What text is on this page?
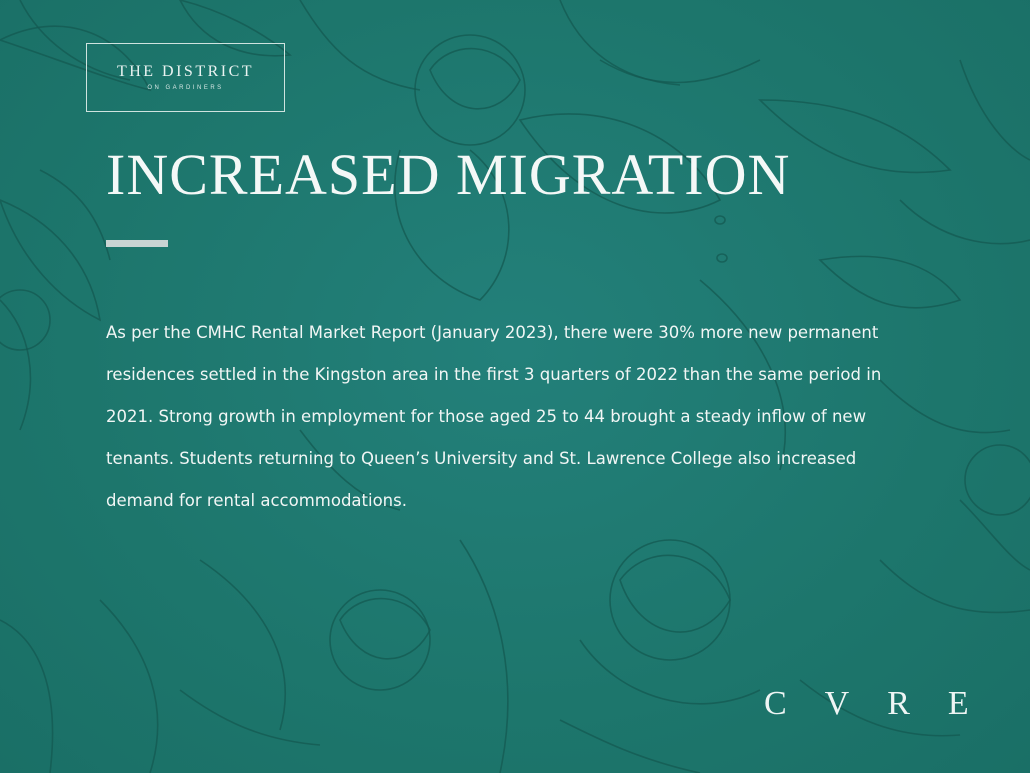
THE DISTRICT
ON GARDINERS
INCREASED MIGRATION

As per the CMHC Rental Market Report (January 2023), there were 30% more new permanent residences settled in the Kingston area in the first 3 quarters of 2022 than the same period in 2021. Strong growth in employment for those aged 25 to 44 brought a steady inflow of new tenants. Students returning to Queen’s University and St. Lawrence College also increased demand for rental accommodations.

CVRE
